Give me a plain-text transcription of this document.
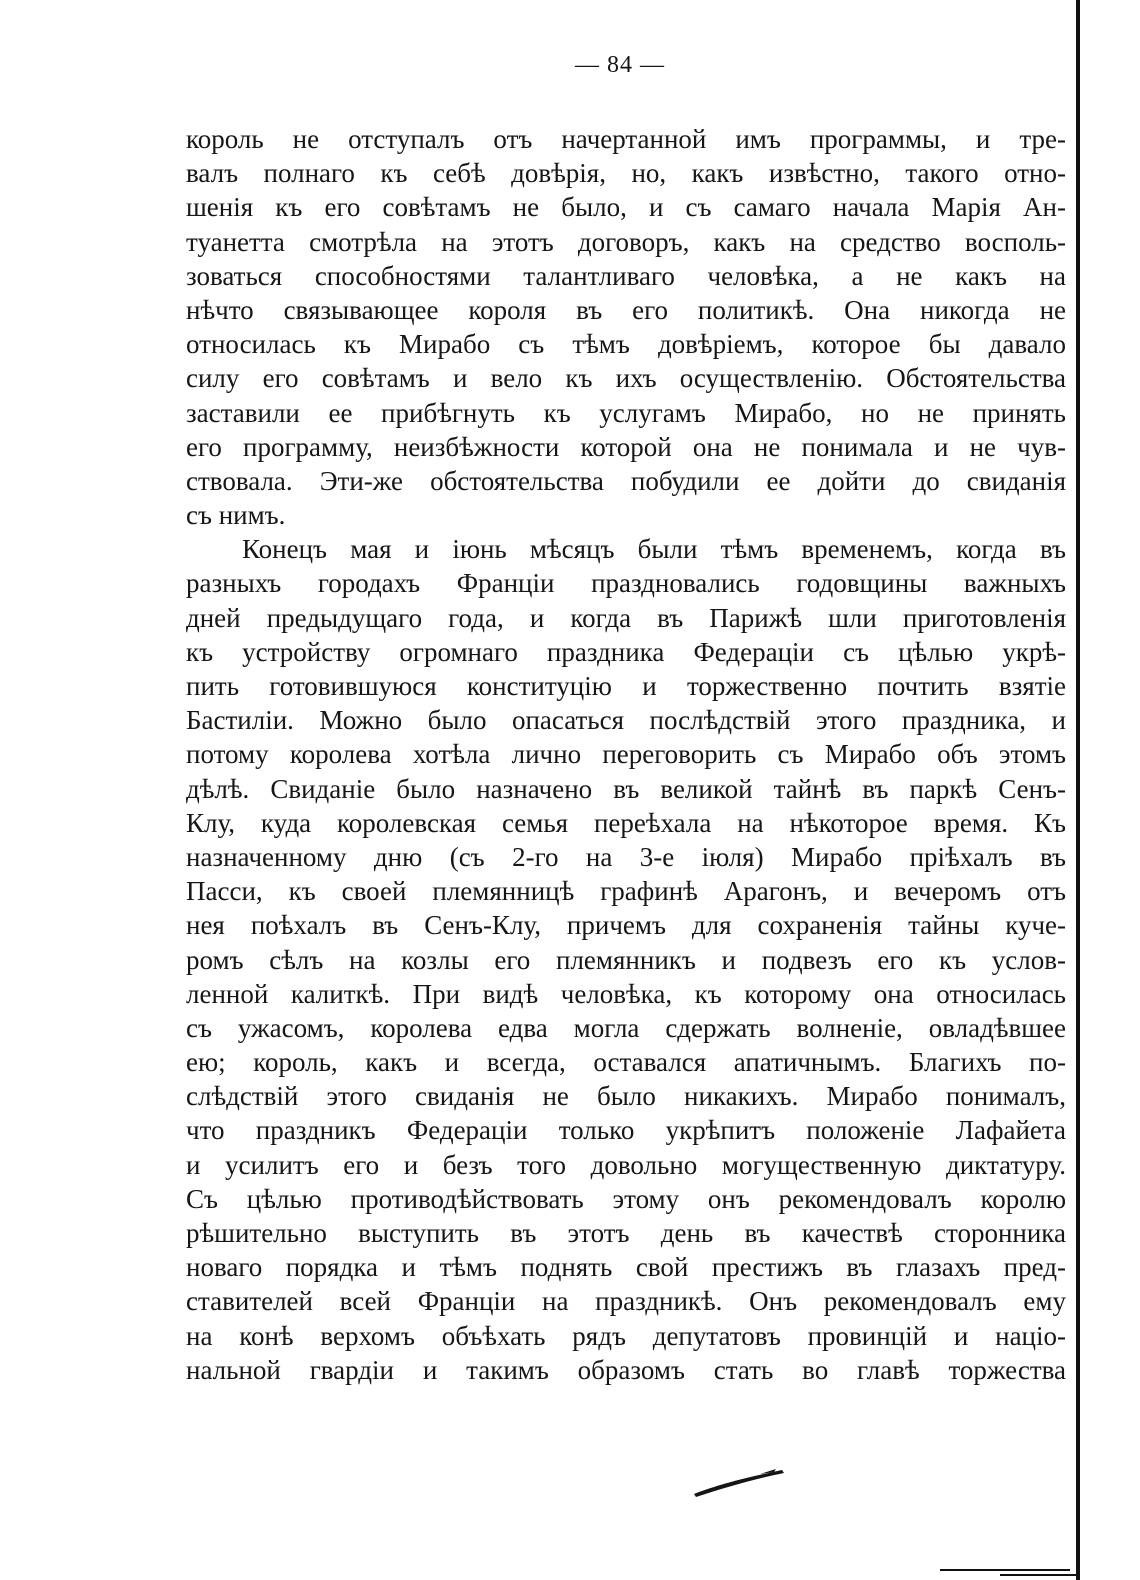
— 84 —
король не отступалъ отъ начертанной имъ программы, и тре-
валъ полнаго къ себѣ довѣрія, но, какъ извѣстно, такого отно-
шенія къ его совѣтамъ не было, и съ самаго начала Марія Ан-
туанетта смотрѣла на этотъ договоръ, какъ на средство восполь-
зоваться способностями талантливаго человѣка, а не какъ на
нѣчто связывающее короля въ его политикѣ. Она никогда не
относилась къ Мирабо съ тѣмъ довѣріемъ, которое бы давало
силу его совѣтамъ и вело къ ихъ осуществленію. Обстоятельства
заставили ее прибѣгнуть къ услугамъ Мирабо, но не принять
его программу, неизбѣжности которой она не понимала и не чув-
ствовала. Эти-же обстоятельства побудили ее дойти до свиданія
съ нимъ.
Конецъ мая и іюнь мѣсяцъ были тѣмъ временемъ, когда въ
разныхъ городахъ Франціи праздновались годовщины важныхъ
дней предыдущаго года, и когда въ Парижѣ шли приготовленія
къ устройству огромнаго праздника Федераціи съ цѣлью укрѣ-
пить готовившуюся конституцію и торжественно почтить взятіе
Бастиліи. Можно было опасаться послѣдствій этого праздника, и
потому королева хотѣла лично переговорить съ Мирабо объ этомъ
дѣлѣ. Свиданіе было назначено въ великой тайнѣ въ паркѣ Сенъ-
Клу, куда королевская семья переѣхала на нѣкоторое время. Къ
назначенному дню (съ 2-го на 3-е іюля) Мирабо пріѣхалъ въ
Пасси, къ своей племянницѣ графинѣ Арагонъ, и вечеромъ отъ
нея поѣхалъ въ Сенъ-Клу, причемъ для сохраненія тайны куче-
ромъ сѣлъ на козлы его племянникъ и подвезъ его къ услов-
ленной калиткѣ. При видѣ человѣка, къ которому она относилась
съ ужасомъ, королева едва могла сдержать волненіе, овладѣвшее
ею; король, какъ и всегда, оставался апатичнымъ. Благихъ по-
слѣдствій этого свиданія не было никакихъ. Мирабо понималъ,
что праздникъ Федераціи только укрѣпитъ положеніе Лафайета
и усилитъ его и безъ того довольно могущественную диктатуру.
Съ цѣлью противодѣйствовать этому онъ рекомендовалъ королю
рѣшительно выступить въ этотъ день въ качествѣ сторонника
новаго порядка и тѣмъ поднять свой престижъ въ глазахъ пред-
ставителей всей Франціи на праздникѣ. Онъ рекомендовалъ ему
на конѣ верхомъ объѣхать рядъ депутатовъ провинцій и націо-
нальной гвардіи и такимъ образомъ стать во главѣ торжества
